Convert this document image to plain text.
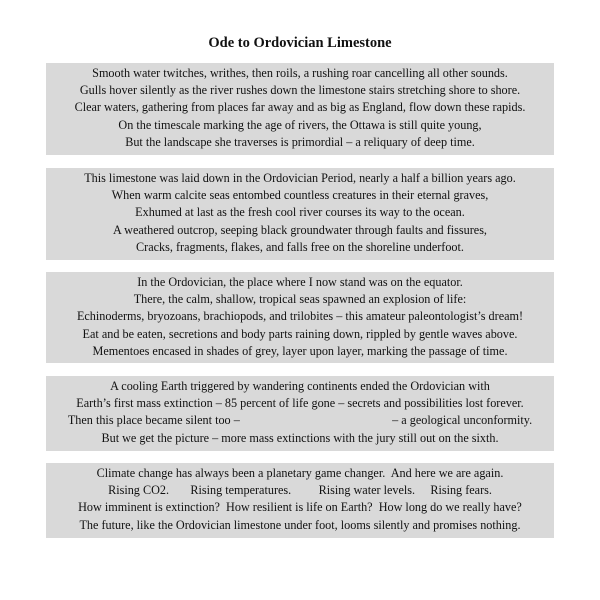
Ode to Ordovician Limestone
Smooth water twitches, writhes, then roils, a rushing roar cancelling all other sounds.
Gulls hover silently as the river rushes down the limestone stairs stretching shore to shore.
Clear waters, gathering from places far away and as big as England, flow down these rapids.
On the timescale marking the age of rivers, the Ottawa is still quite young,
But the landscape she traverses is primordial – a reliquary of deep time.
This limestone was laid down in the Ordovician Period, nearly a half a billion years ago.
When warm calcite seas entombed countless creatures in their eternal graves,
Exhumed at last as the fresh cool river courses its way to the ocean.
A weathered outcrop, seeping black groundwater through faults and fissures,
Cracks, fragments, flakes, and falls free on the shoreline underfoot.
In the Ordovician, the place where I now stand was on the equator.
There, the calm, shallow, tropical seas spawned an explosion of life:
Echinoderms, bryozoans, brachiopods, and trilobites – this amateur paleontologist’s dream!
Eat and be eaten, secretions and body parts raining down, rippled by gentle waves above.
Mementoes encased in shades of grey, layer upon layer, marking the passage of time.
A cooling Earth triggered by wandering continents ended the Ordovician with
Earth’s first mass extinction – 85 percent of life gone – secrets and possibilities lost forever.
Then this place became silent too –                                                  – a geological unconformity.
But we get the picture – more mass extinctions with the jury still out on the sixth.
Climate change has always been a planetary game changer.  And here we are again.
Rising CO2.       Rising temperatures.         Rising water levels.     Rising fears.
How imminent is extinction?  How resilient is life on Earth?  How long do we really have?
The future, like the Ordovician limestone under foot, looms silently and promises nothing.
